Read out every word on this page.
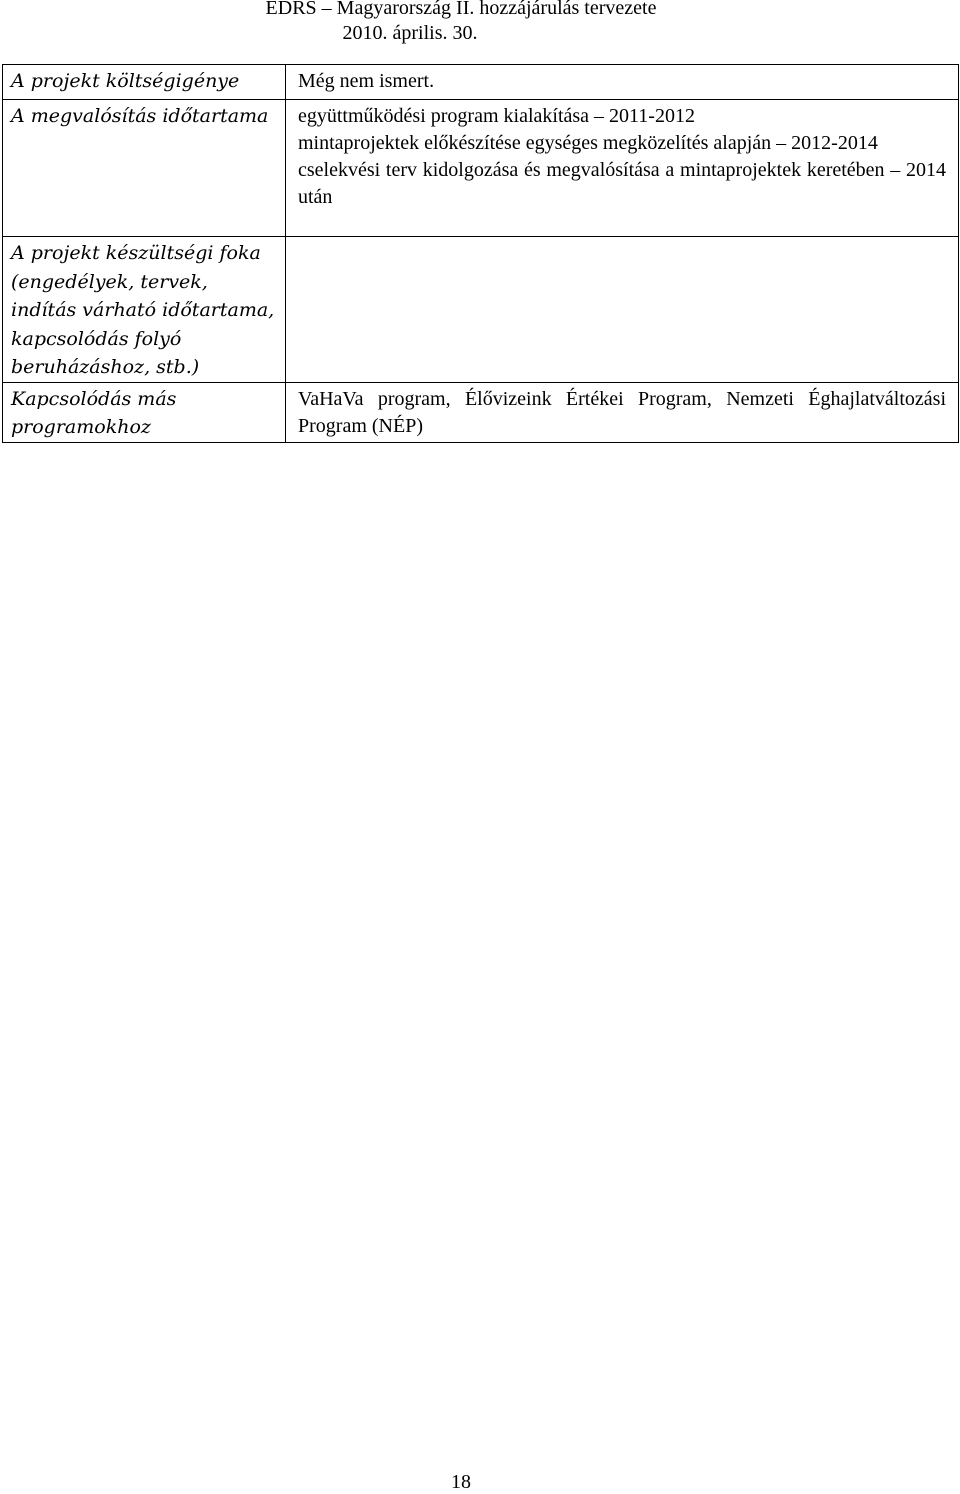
EDRS – Magyarország II. hozzájárulás tervezete
2010. április. 30.
A projekt költségigénye	Még nem ismert.

A megvalósítás időtartama	együttműködési program kialakítása – 2011-2012

mintaprojektek előkészítése egységes megközelítés alapján – 2012-2014

cselekvési terv kidolgozása és megvalósítása a mintaprojektek keretében – 2014 után

A projekt készültségi foka (engedélyek, tervek, indítás várható időtartama, kapcsolódás folyó beruházáshoz, stb.)	
Kapcsolódás más programokhoz	VaHaVa program, Élővizeink Értékei Program, Nemzeti Éghajlatváltozási Program (NÉP)

18
